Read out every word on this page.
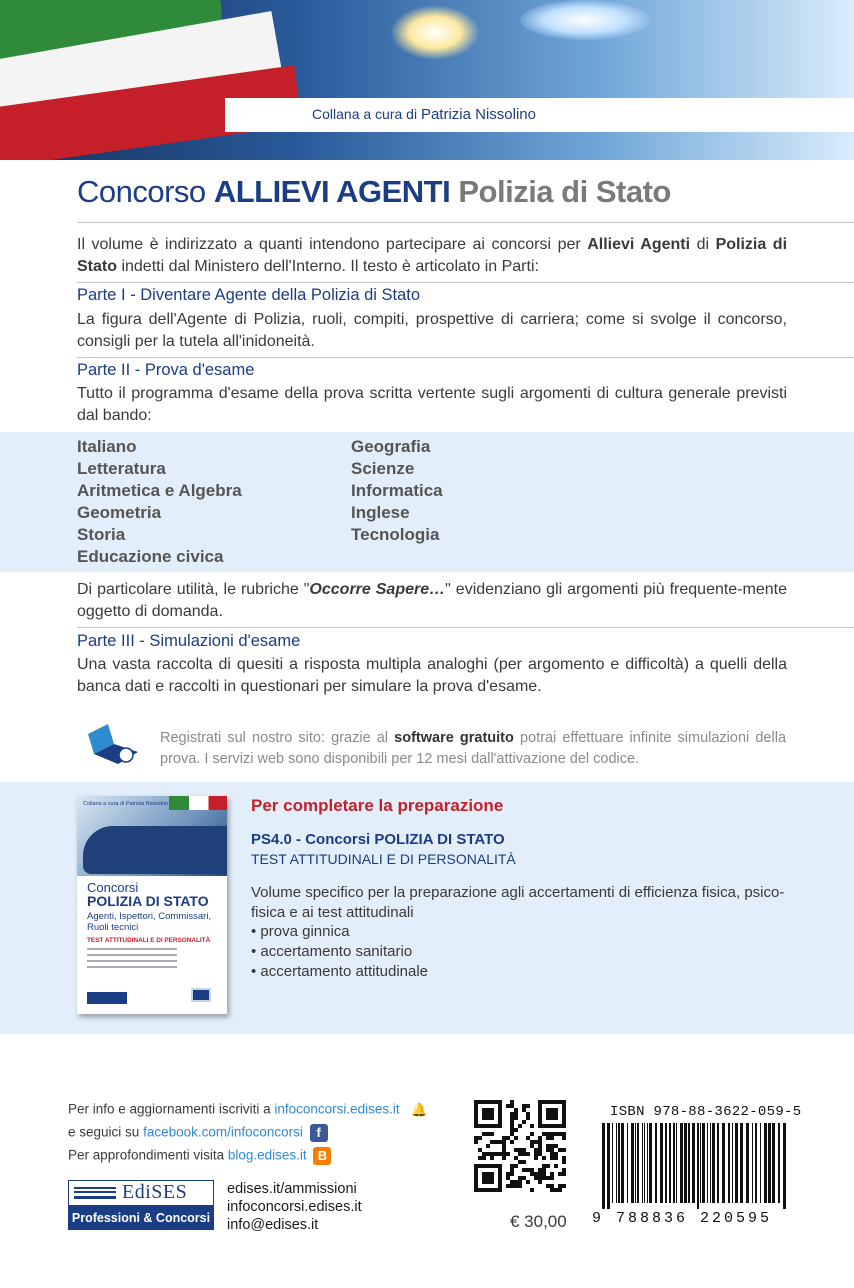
Collana a cura di Patrizia Nissolino
Concorso ALLIEVI AGENTI Polizia di Stato

Il volume è indirizzato a quanti intendono partecipare ai concorsi per Allievi Agenti di Polizia di Stato indetti dal Ministero dell'Interno. Il testo è articolato in Parti:

Parte I - Diventare Agente della Polizia di Stato

La figura dell'Agente di Polizia, ruoli, compiti, prospettive di carriera; come si svolge il concorso, consigli per la tutela all'inidoneità.

Parte II - Prova d'esame

Tutto il programma d'esame della prova scritta vertente sugli argomenti di cultura generale previsti dal bando:

Italiano
Letteratura
Aritmetica e Algebra
Geometria
Storia
Educazione civica
Geografia
Scienze
Informatica
Inglese
Tecnologia

Di particolare utilità, le rubriche "Occorre Sapere…" evidenziano gli argomenti più frequente-mente oggetto di domanda.

Parte III - Simulazioni d'esame

Una vasta raccolta di quesiti a risposta multipla analoghi (per argomento e difficoltà) a quelli della banca dati e raccolti in questionari per simulare la prova d'esame.

Registrati sul nostro sito: grazie al software gratuito potrai effettuare infinite simulazioni della prova. I servizi web sono disponibili per 12 mesi dall'attivazione del codice.

Collana a cura di Patrizia Nissolino
Concorsi
POLIZIA DI STATO
Agenti, Ispettori, Commissari, Ruoli tecnici
TEST ATTITUDINALI E DI PERSONALITÀ
Per completare la preparazione
PS4.0 - Concorsi POLIZIA DI STATO
TEST ATTITUDINALI E DI PERSONALITÀ

Volume specifico per la preparazione agli accertamenti di efficienza fisica, psico-fisica e ai test attitudinali

• prova ginnica
• accertamento sanitario
• accertamento attitudinale
Per info e aggiornamenti iscriviti a infoconcorsi.edises.it 🔔
e seguici su facebook.com/infoconcorsi f
Per approfondimenti visita blog.edises.it B
EdiSES
Professioni & Concorsi
edises.it/ammissioni
infoconcorsi.edises.it
info@edises.it	€ 30,00
ISBN 978-88-3622-059-5
9 788836 220595
